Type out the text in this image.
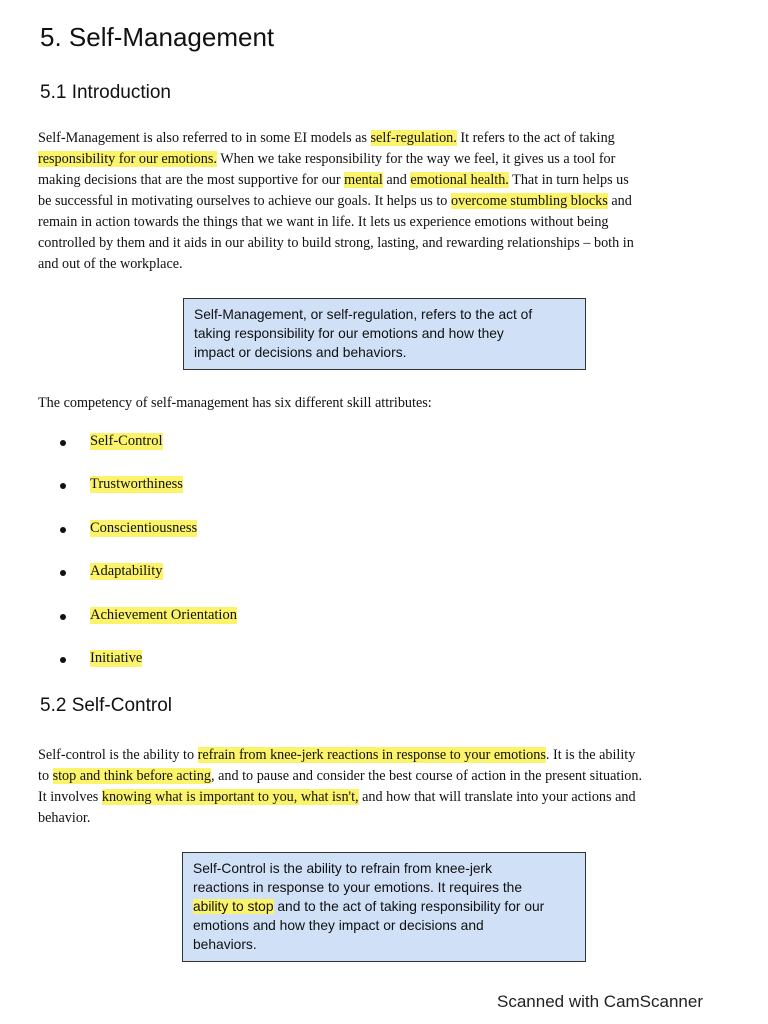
5. Self-Management
5.1 Introduction

Self-Management is also referred to in some EI models as self-regulation. It refers to the act of taking
responsibility for our emotions. When we take responsibility for the way we feel, it gives us a tool for
making decisions that are the most supportive for our mental and emotional health. That in turn helps us
be successful in motivating ourselves to achieve our goals. It helps us to overcome stumbling blocks and
remain in action towards the things that we want in life. It lets us experience emotions without being
controlled by them and it aids in our ability to build strong, lasting, and rewarding relationships – both in
and out of the workplace.

Self-Management, or self-regulation, refers to the act of
taking responsibility for our emotions and how they
impact or decisions and behaviors.

The competency of self-management has six different skill attributes:

Self-Control
Trustworthiness
Conscientiousness
Adaptability
Achievement Orientation
Initiative
5.2 Self-Control

Self-control is the ability to refrain from knee-jerk reactions in response to your emotions. It is the ability
to stop and think before acting, and to pause and consider the best course of action in the present situation.
It involves knowing what is important to you, what isn't, and how that will translate into your actions and
behavior.

Self-Control is the ability to refrain from knee-jerk
reactions in response to your emotions. It requires the
ability to stop and to the act of taking responsibility for our
emotions and how they impact or decisions and
behaviors.
Scanned with CamScanner
